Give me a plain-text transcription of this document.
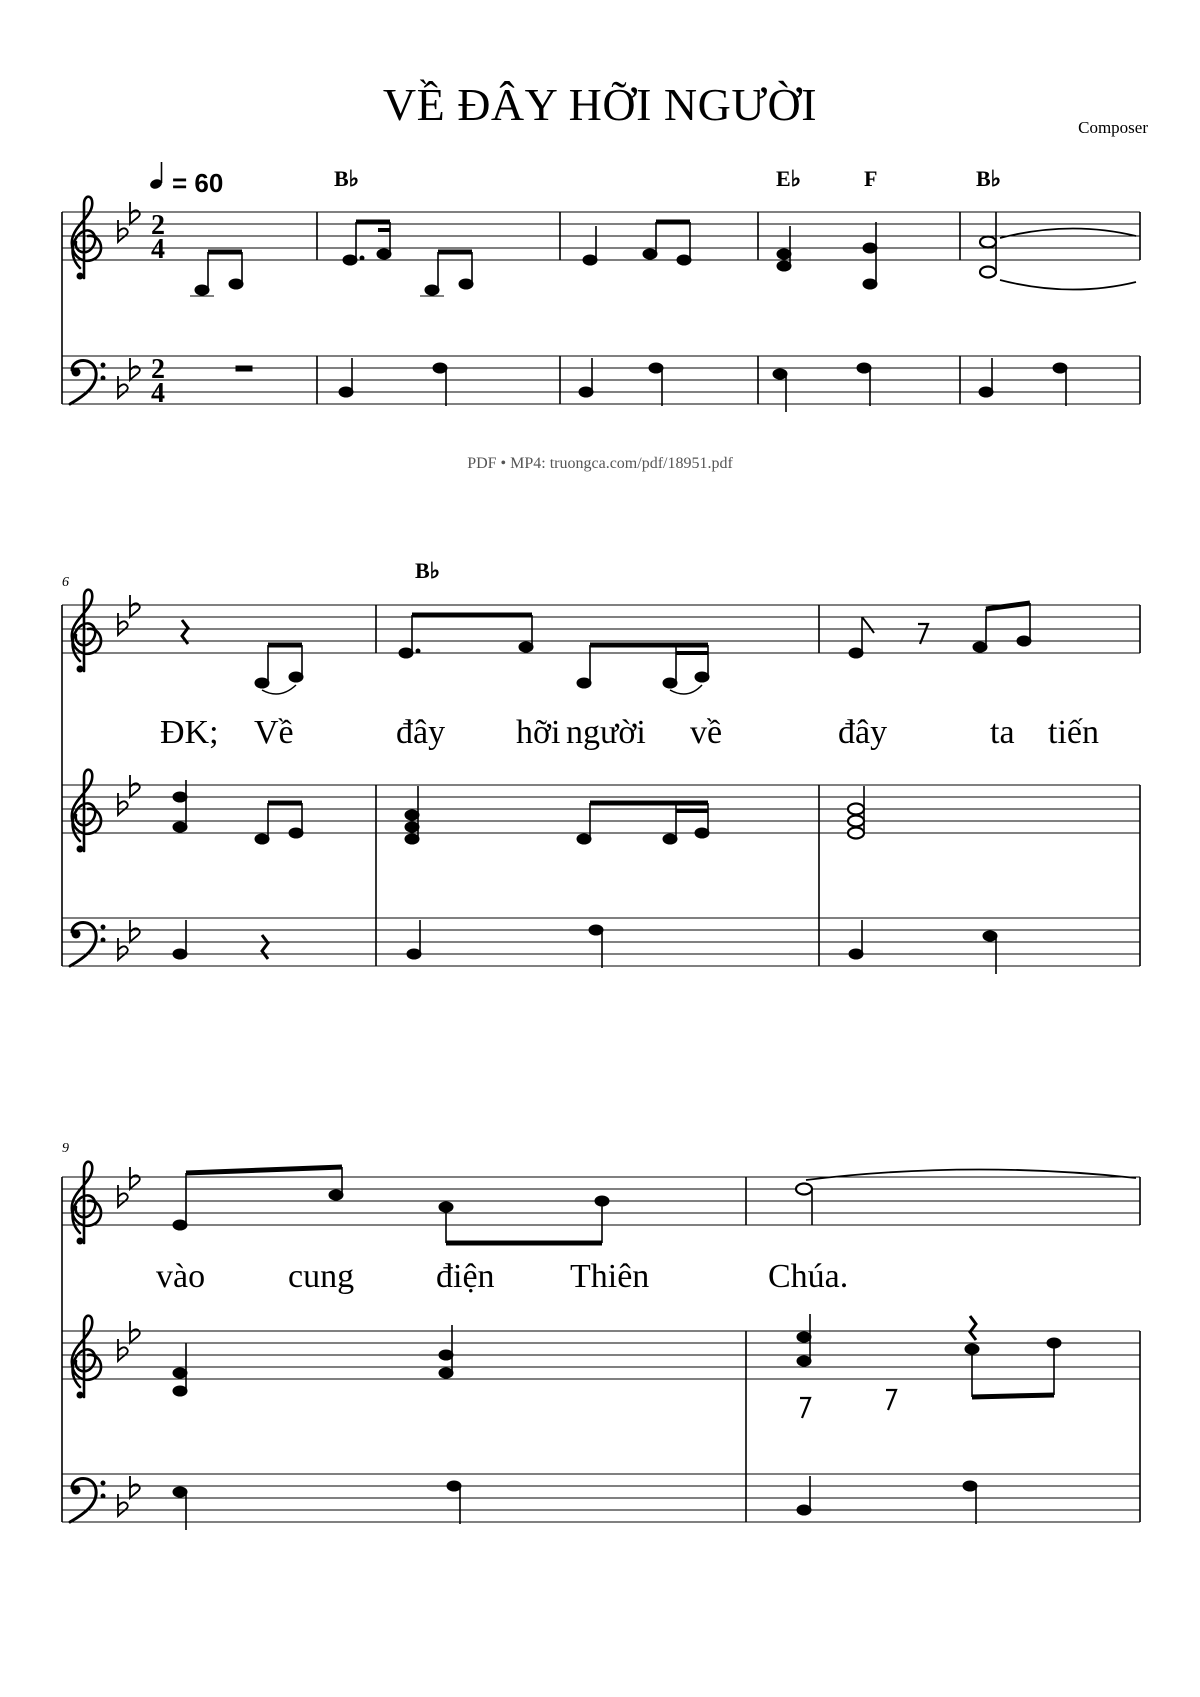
VỀ ĐÂY HỠI NGƯỜI	Composer
PDF • MP4: truongca.com/pdf/18951.pdf
= 60	B♭	E♭	F	B♭
2
4
2
4
6	B♭
ĐK; Về	đây hỡi người về	đây	ta tiến
9
vào cung điện Thiên	Chúa.
